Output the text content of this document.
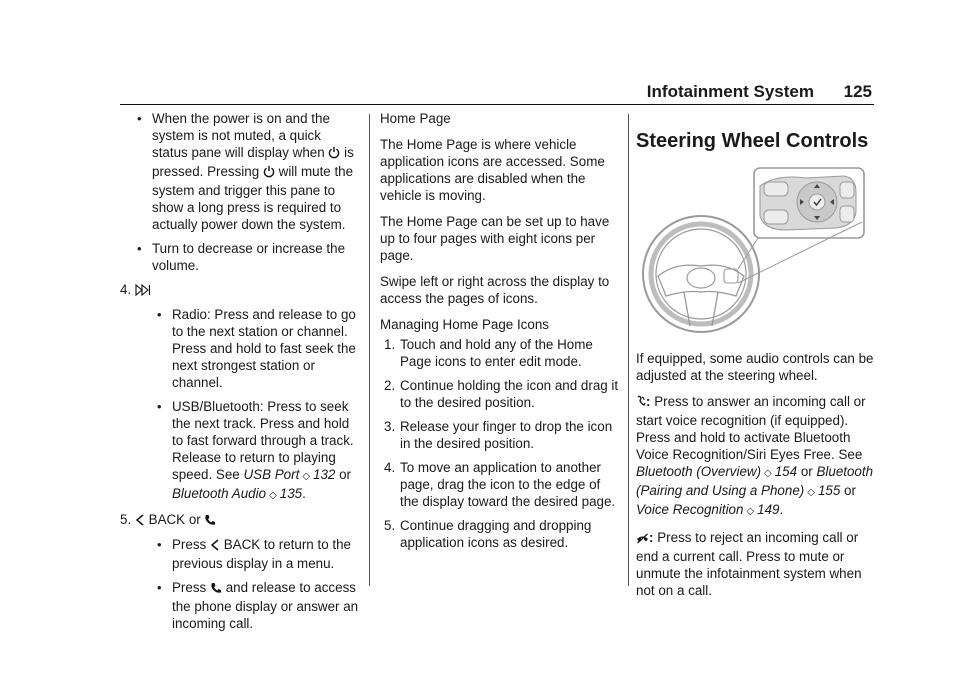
Infotainment System 125
• When the power is on and the system is not muted, a quick status pane will display when is pressed. Pressing will mute the system and trigger this pane to show a long press is required to actually power down the system.
• Turn to decrease or increase the volume.
4.
• Radio: Press and release to go to the next station or channel. Press and hold to fast seek the next strongest station or channel.
• USB/Bluetooth: Press to seek the next track. Press and hold to fast forward through a track. Release to return to playing speed. See USB Port ◇ 132 or Bluetooth Audio ◇ 135.
5. BACK or
• Press BACK to return to the previous display in a menu.
• Press and release to access the phone display or answer an incoming call.

Home Page

The Home Page is where vehicle application icons are accessed. Some applications are disabled when the vehicle is moving.

The Home Page can be set up to have up to four pages with eight icons per page.

Swipe left or right across the display to access the pages of icons.

Managing Home Page Icons

1. Touch and hold any of the Home Page icons to enter edit mode.
2. Continue holding the icon and drag it to the desired position.
3. Release your finger to drop the icon in the desired position.
4. To move an application to another page, drag the icon to the edge of the display toward the desired page.
5. Continue dragging and dropping application icons as desired.
Steering Wheel Controls

If equipped, some audio controls can be adjusted at the steering wheel.

: Press to answer an incoming call or start voice recognition (if equipped). Press and hold to activate Bluetooth Voice Recognition/Siri Eyes Free. See Bluetooth (Overview) ◇ 154 or Bluetooth (Pairing and Using a Phone) ◇ 155 or Voice Recognition ◇ 149.

: Press to reject an incoming call or end a current call. Press to mute or unmute the infotainment system when not on a call.
